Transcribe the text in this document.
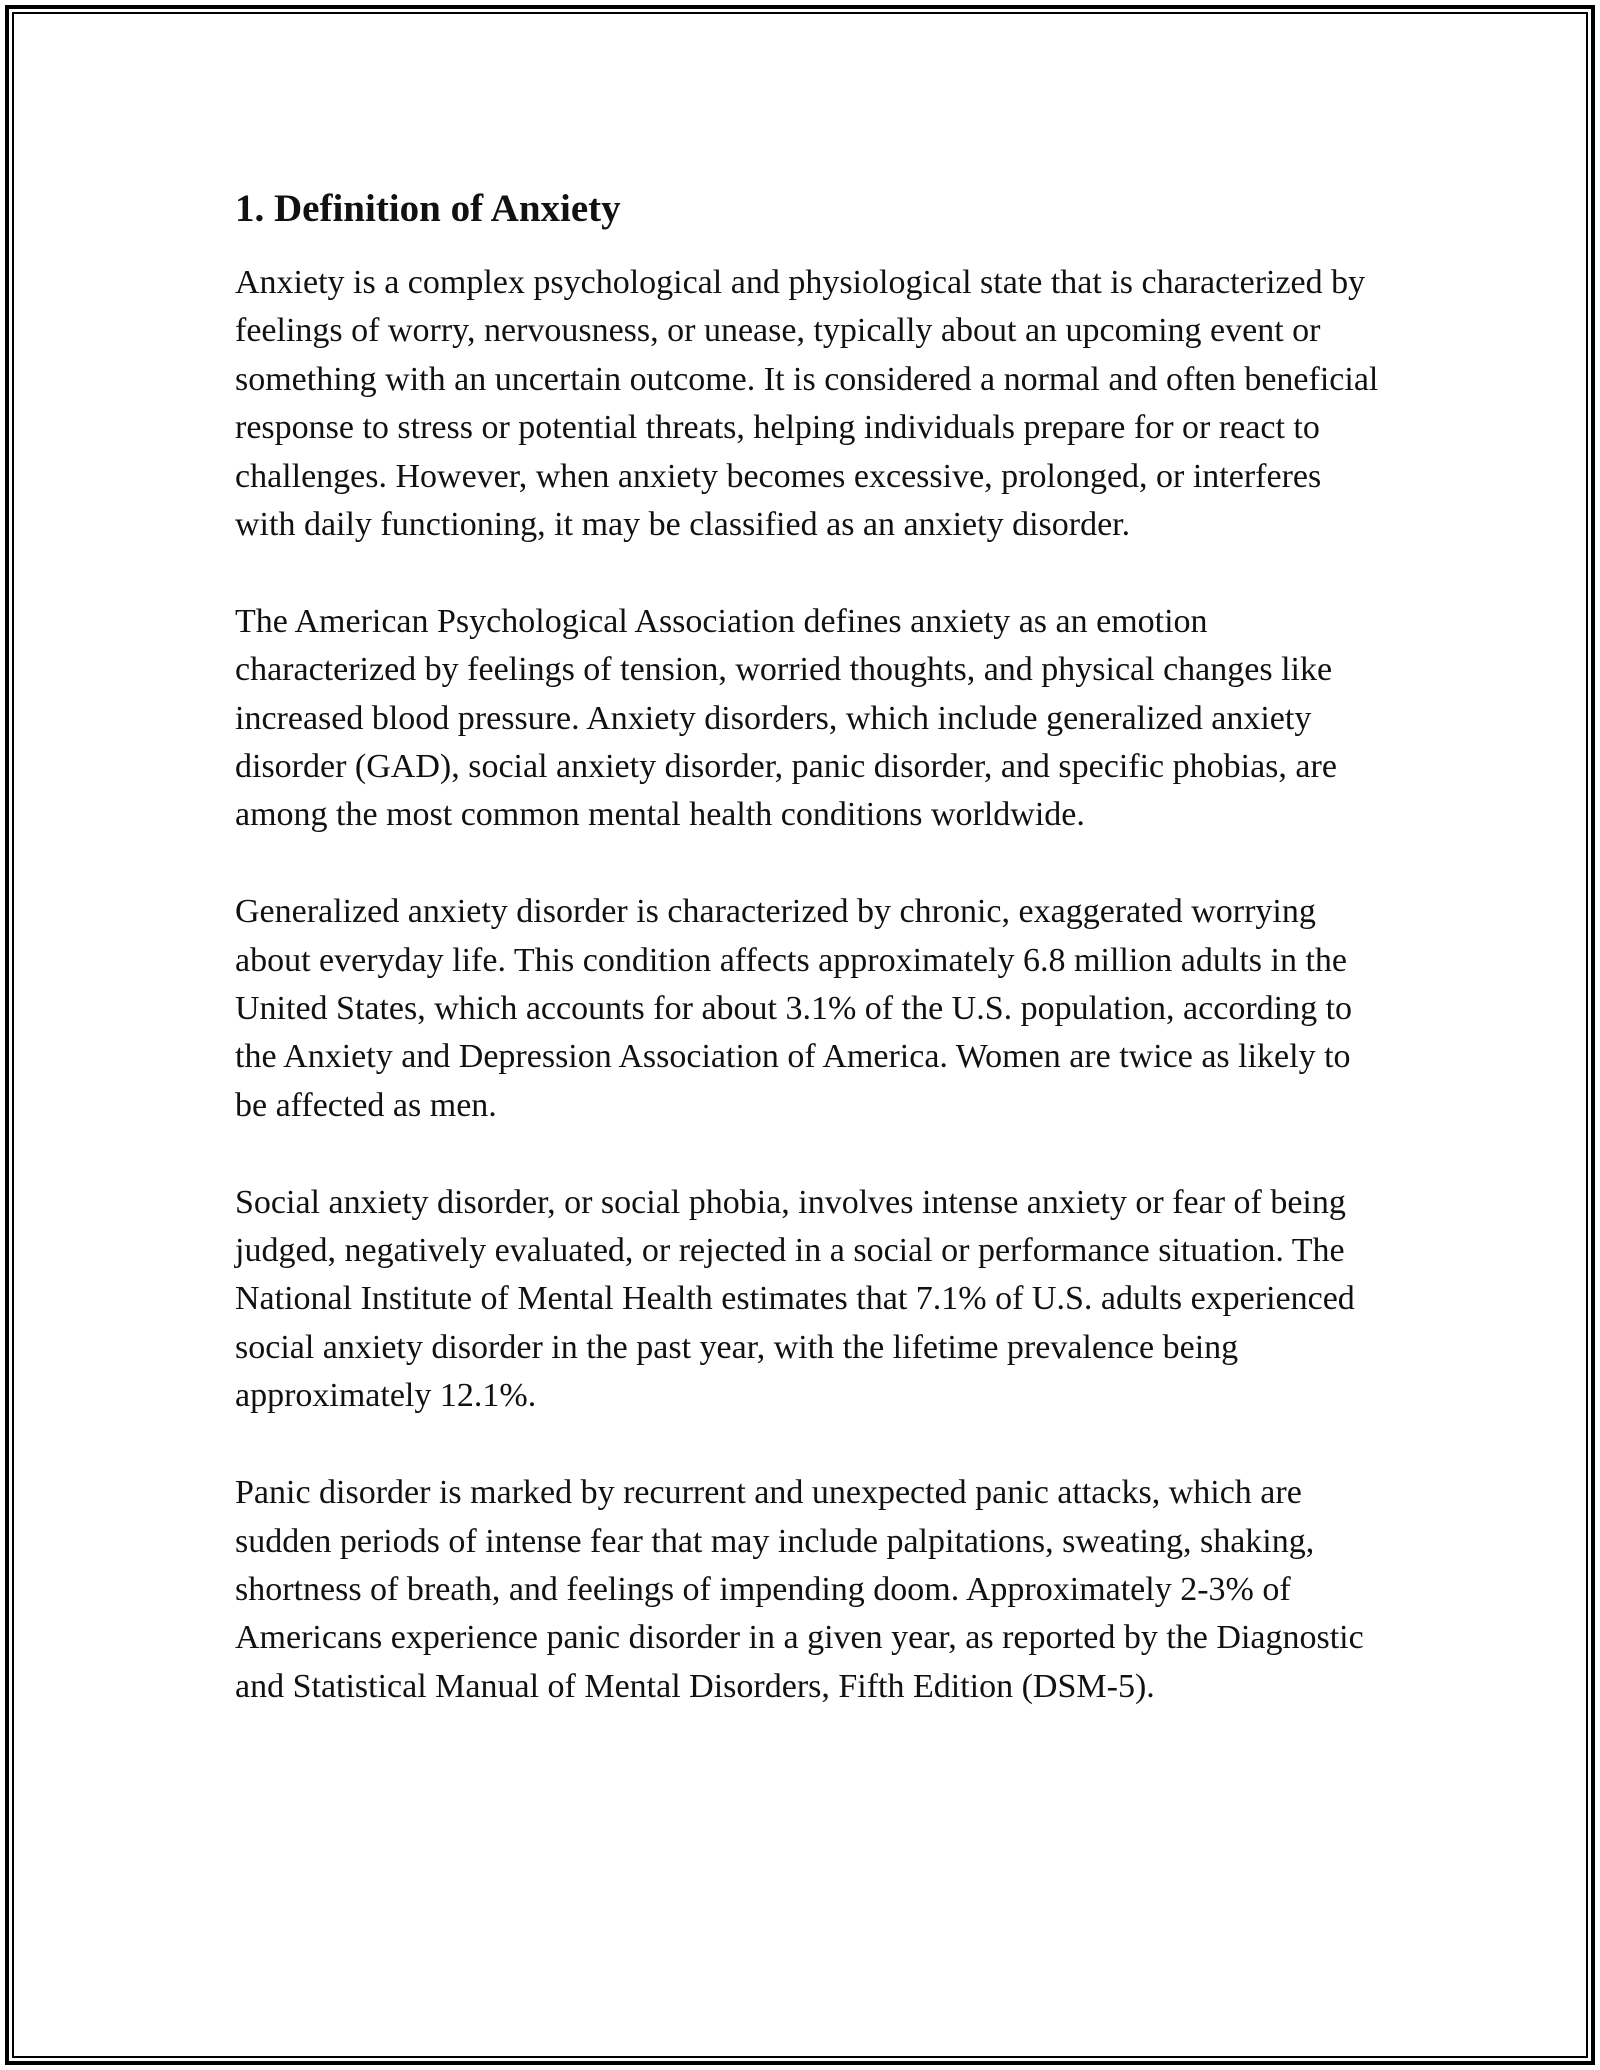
1. Definition of Anxiety

Anxiety is a complex psychological and physiological state that is characterized by feelings of worry, nervousness, or unease, typically about an upcoming event or something with an uncertain outcome. It is considered a normal and often beneficial response to stress or potential threats, helping individuals prepare for or react to challenges. However, when anxiety becomes excessive, prolonged, or interferes with daily functioning, it may be classified as an anxiety disorder.

The American Psychological Association defines anxiety as an emotion characterized by feelings of tension, worried thoughts, and physical changes like increased blood pressure. Anxiety disorders, which include generalized anxiety disorder (GAD), social anxiety disorder, panic disorder, and specific phobias, are among the most common mental health conditions worldwide.

Generalized anxiety disorder is characterized by chronic, exaggerated worrying about everyday life. This condition affects approximately 6.8 million adults in the United States, which accounts for about 3.1% of the U.S. population, according to the Anxiety and Depression Association of America. Women are twice as likely to be affected as men.

Social anxiety disorder, or social phobia, involves intense anxiety or fear of being judged, negatively evaluated, or rejected in a social or performance situation. The National Institute of Mental Health estimates that 7.1% of U.S. adults experienced social anxiety disorder in the past year, with the lifetime prevalence being approximately 12.1%.

Panic disorder is marked by recurrent and unexpected panic attacks, which are sudden periods of intense fear that may include palpitations, sweating, shaking, shortness of breath, and feelings of impending doom. Approximately 2-3% of Americans experience panic disorder in a given year, as reported by the Diagnostic and Statistical Manual of Mental Disorders, Fifth Edition (DSM-5).
